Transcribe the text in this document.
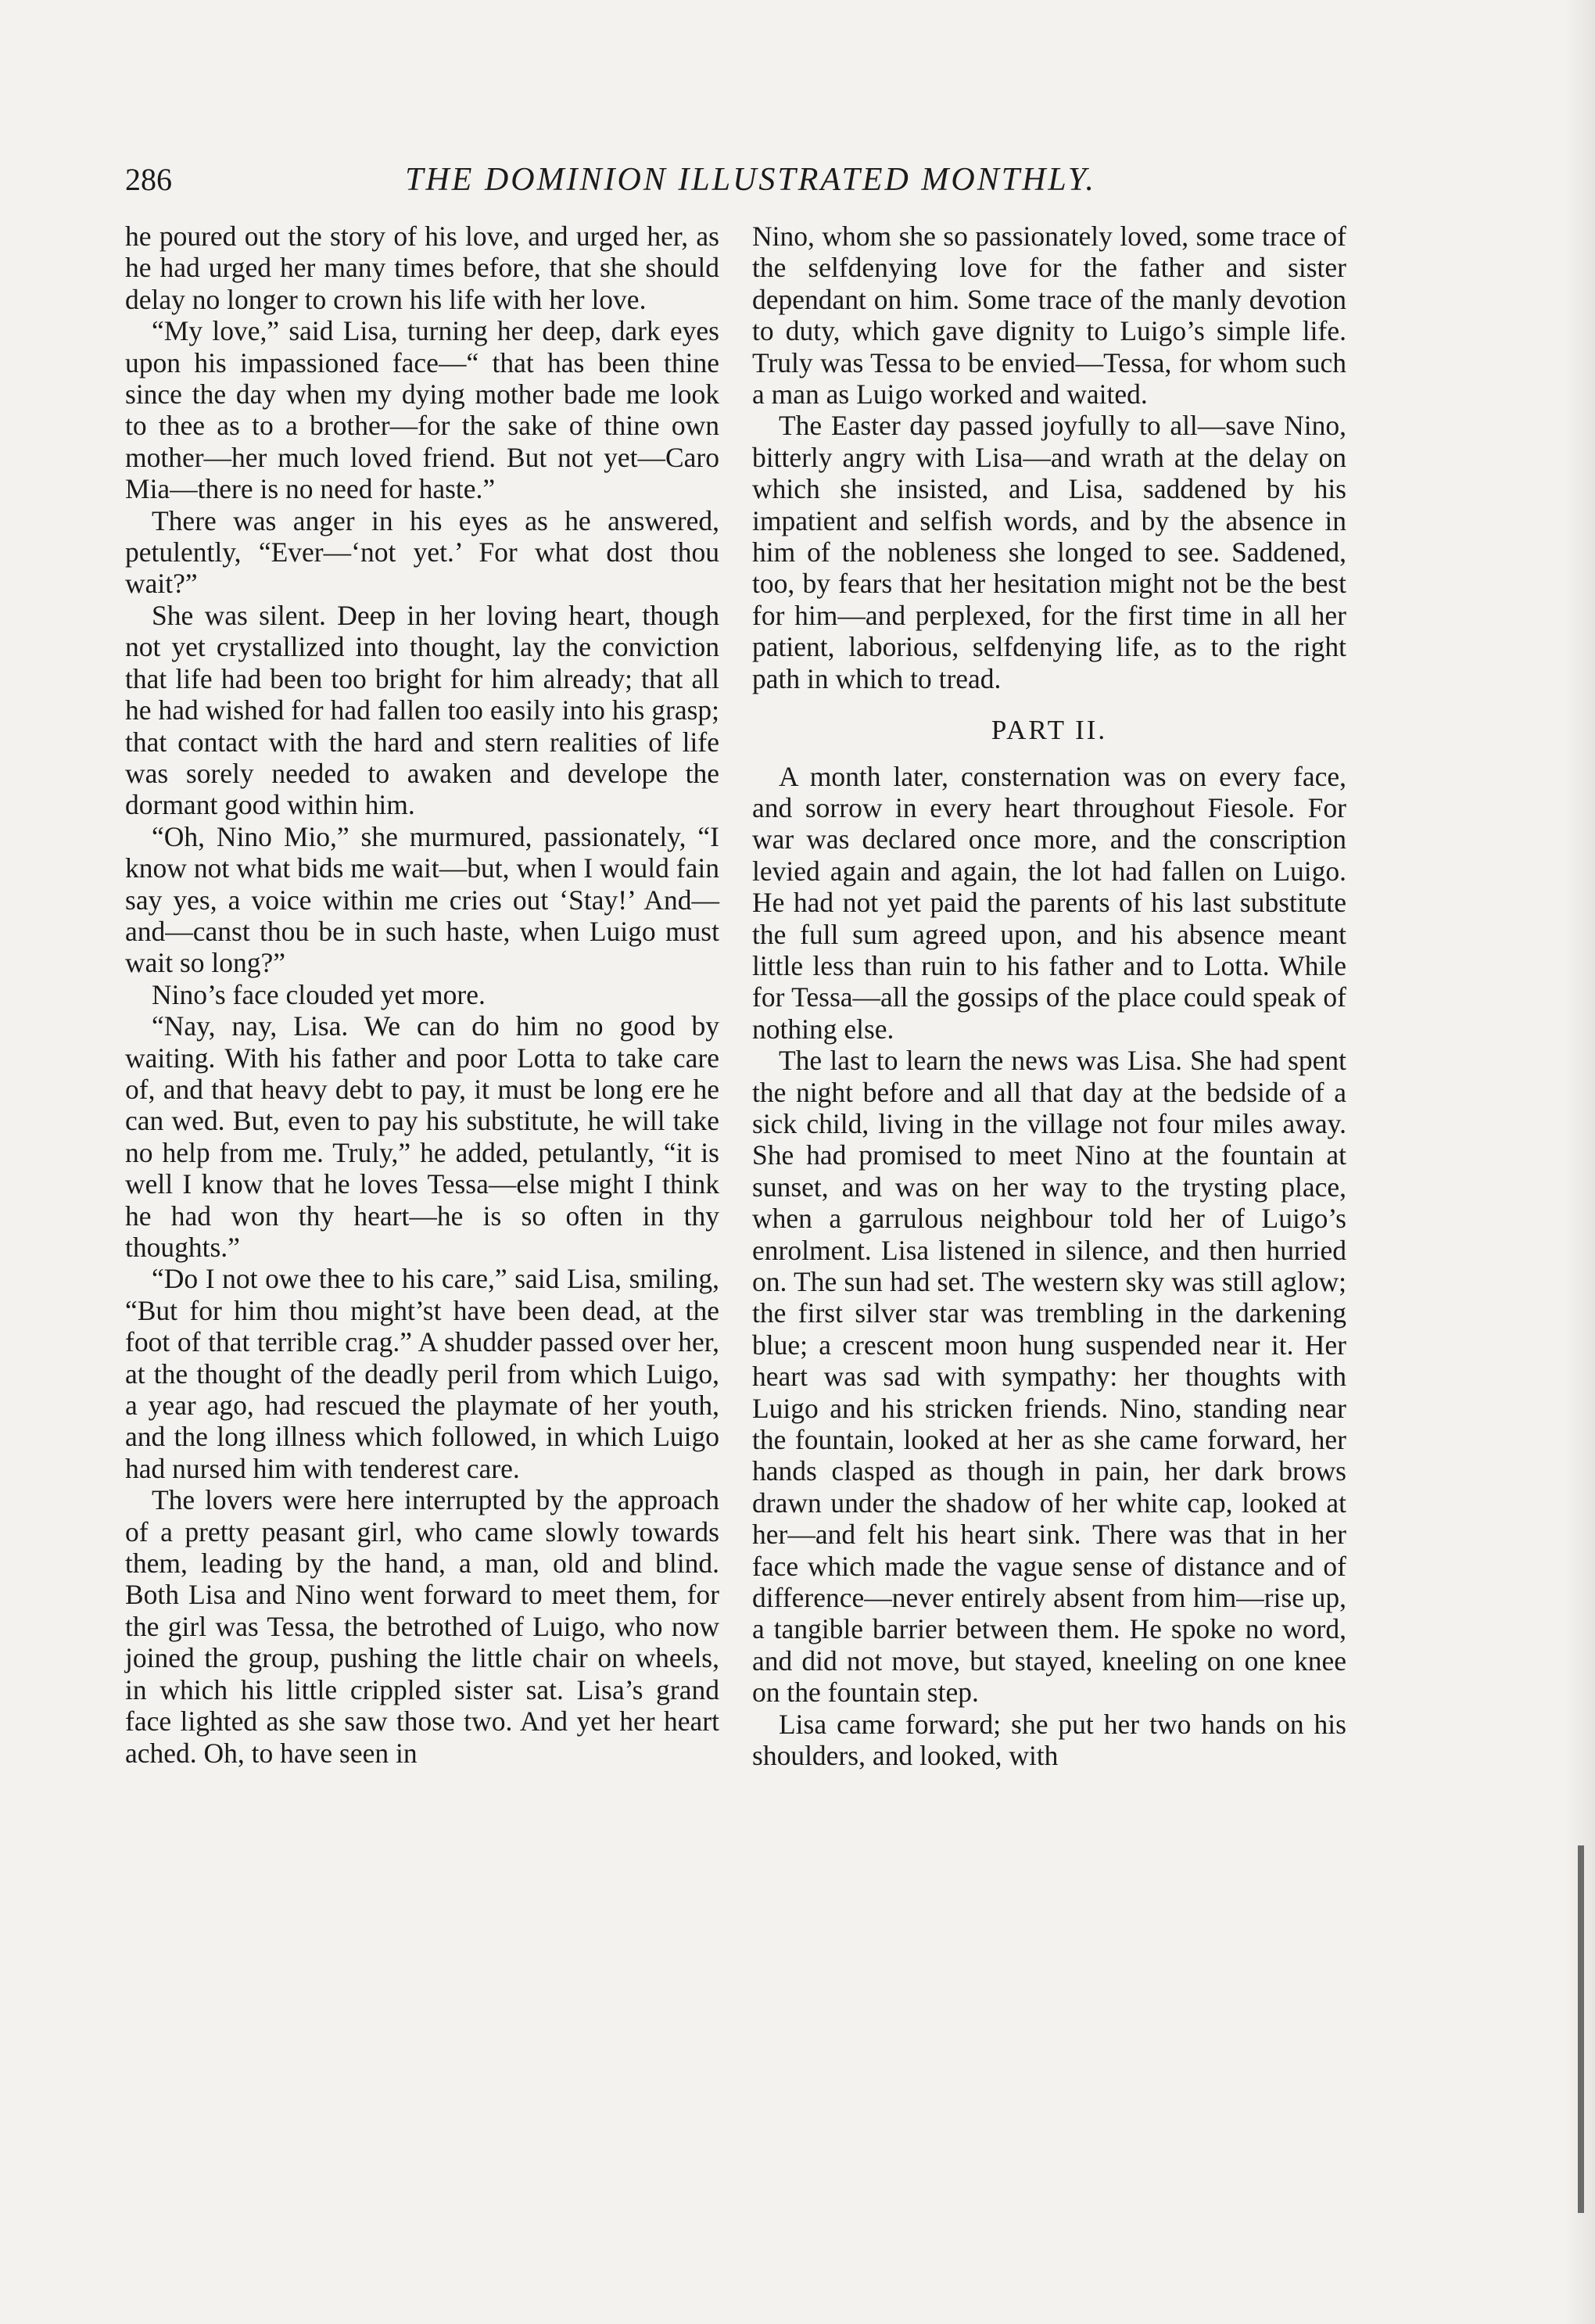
286	THE DOMINION ILLUSTRATED MONTHLY.

he poured out the story of his love, and urged her, as he had urged her many times before, that she should delay no longer to crown his life with her love.

“My love,” said Lisa, turning her deep, dark eyes upon his impassioned face—“ that has been thine since the day when my dying mother bade me look to thee as to a brother—for the sake of thine own mother—her much loved friend. But not yet—Caro Mia—there is no need for haste.”

There was anger in his eyes as he answered, petulently, “Ever—‘not yet.’ For what dost thou wait?”

She was silent. Deep in her loving heart, though not yet crystallized into thought, lay the conviction that life had been too bright for him already; that all he had wished for had fallen too easily into his grasp; that contact with the hard and stern realities of life was sorely needed to awaken and develope the dormant good within him.

“Oh, Nino Mio,” she murmured, passionately, “I know not what bids me wait—but, when I would fain say yes, a voice within me cries out ‘Stay!’ And—and—canst thou be in such haste, when Luigo must wait so long?”

Nino’s face clouded yet more.

“Nay, nay, Lisa. We can do him no good by waiting. With his father and poor Lotta to take care of, and that heavy debt to pay, it must be long ere he can wed. But, even to pay his substitute, he will take no help from me. Truly,” he added, petulantly, “it is well I know that he loves Tessa—else might I think he had won thy heart—he is so often in thy thoughts.”

“Do I not owe thee to his care,” said Lisa, smiling, “But for him thou might’st have been dead, at the foot of that terrible crag.” A shudder passed over her, at the thought of the deadly peril from which Luigo, a year ago, had rescued the playmate of her youth, and the long illness which followed, in which Luigo had nursed him with tenderest care.

The lovers were here interrupted by the approach of a pretty peasant girl, who came slowly towards them, leading by the hand, a man, old and blind. Both Lisa and Nino went forward to meet them, for the girl was Tessa, the betrothed of Luigo, who now joined the group, pushing the little chair on wheels, in which his little crippled sister sat. Lisa’s grand face lighted as she saw those two. And yet her heart ached. Oh, to have seen in

Nino, whom she so passionately loved, some trace of the selfdenying love for the father and sister dependant on him. Some trace of the manly devotion to duty, which gave dignity to Luigo’s simple life. Truly was Tessa to be envied—Tessa, for whom such a man as Luigo worked and waited.

The Easter day passed joyfully to all—save Nino, bitterly angry with Lisa—and wrath at the delay on which she insisted, and Lisa, saddened by his impatient and selfish words, and by the absence in him of the nobleness she longed to see. Saddened, too, by fears that her hesitation might not be the best for him—and perplexed, for the first time in all her patient, laborious, selfdenying life, as to the right path in which to tread.

PART II.

A month later, consternation was on every face, and sorrow in every heart throughout Fiesole. For war was declared once more, and the conscription levied again and again, the lot had fallen on Luigo. He had not yet paid the parents of his last substitute the full sum agreed upon, and his absence meant little less than ruin to his father and to Lotta. While for Tessa—all the gossips of the place could speak of nothing else.

The last to learn the news was Lisa. She had spent the night before and all that day at the bedside of a sick child, living in the village not four miles away. She had promised to meet Nino at the fountain at sunset, and was on her way to the trysting place, when a garrulous neighbour told her of Luigo’s enrolment. Lisa listened in silence, and then hurried on. The sun had set. The western sky was still aglow; the first silver star was trembling in the darkening blue; a crescent moon hung suspended near it. Her heart was sad with sympathy: her thoughts with Luigo and his stricken friends. Nino, standing near the fountain, looked at her as she came forward, her hands clasped as though in pain, her dark brows drawn under the shadow of her white cap, looked at her—and felt his heart sink. There was that in her face which made the vague sense of distance and of difference—never entirely absent from him—rise up, a tangible barrier between them. He spoke no word, and did not move, but stayed, kneeling on one knee on the fountain step.

Lisa came forward; she put her two hands on his shoulders, and looked, with
